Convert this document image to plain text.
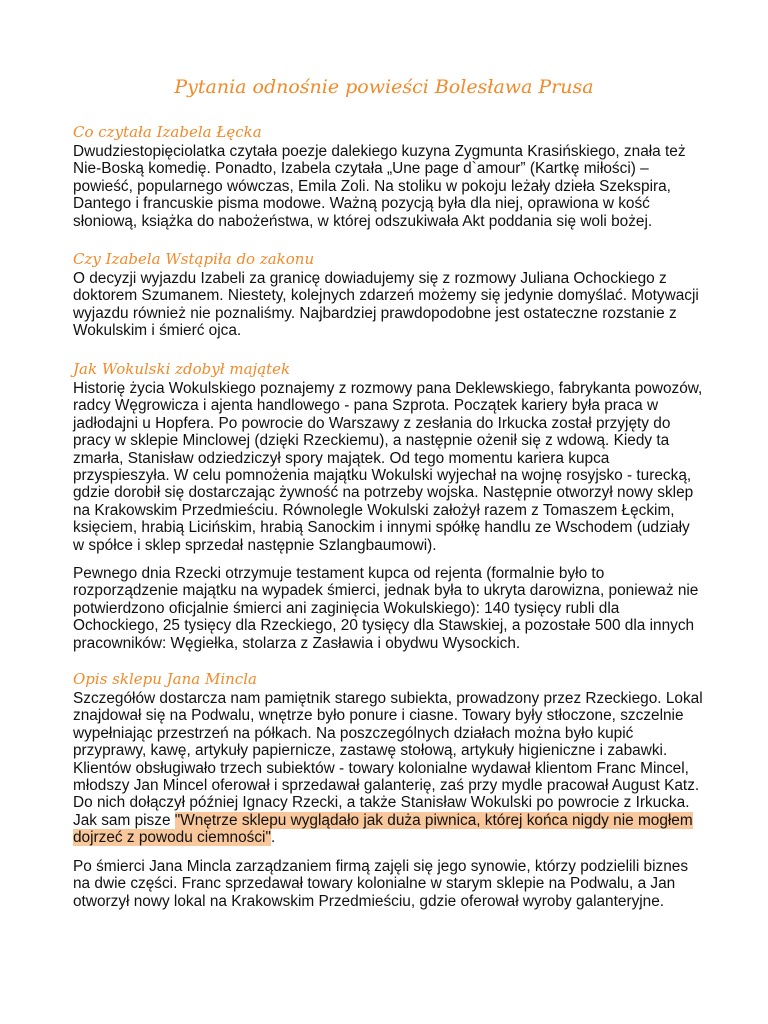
Pytania odnośnie powieści Bolesława Prusa
Co czytała Izabela Łęcka

Dwudziestopięciolatka czytała poezje dalekiego kuzyna Zygmunta Krasińskiego, znała też Nie-Boską komedię. Ponadto, Izabela czytała „Une page d`amour” (Kartkę miłości) – powieść, popularnego wówczas, Emila Zoli. Na stoliku w pokoju leżały dzieła Szekspira, Dantego i francuskie pisma modowe. Ważną pozycją była dla niej, oprawiona w kość słoniową, książka do nabożeństwa, w której odszukiwała Akt poddania się woli bożej.

Czy Izabela Wstąpiła do zakonu

O decyzji wyjazdu Izabeli za granicę dowiadujemy się z rozmowy Juliana Ochockiego z doktorem Szumanem. Niestety, kolejnych zdarzeń możemy się jedynie domyślać. Motywacji wyjazdu również nie poznaliśmy. Najbardziej prawdopodobne jest ostateczne rozstanie z Wokulskim i śmierć ojca.

Jak Wokulski zdobył majątek

Historię życia Wokulskiego poznajemy z rozmowy pana Deklewskiego, fabrykanta powozów, radcy Węgrowicza i ajenta handlowego - pana Szprota. Początek kariery była praca w jadłodajni u Hopfera. Po powrocie do Warszawy z zesłania do Irkucka został przyjęty do pracy w sklepie Minclowej (dzięki Rzeckiemu), a następnie ożenił się z wdową. Kiedy ta zmarła, Stanisław odziedziczył spory majątek. Od tego momentu kariera kupca przyspieszyła. W celu pomnożenia majątku Wokulski wyjechał na wojnę rosyjsko - turecką, gdzie dorobił się dostarczając żywność na potrzeby wojska. Następnie otworzył nowy sklep na Krakowskim Przedmieściu. Równolegle Wokulski założył razem z Tomaszem Łęckim, księciem, hrabią Licińskim, hrabią Sanockim i innymi spółkę handlu ze Wschodem (udziały w spółce i sklep sprzedał następnie Szlangbaumowi).

Pewnego dnia Rzecki otrzymuje testament kupca od rejenta (formalnie było to rozporządzenie majątku na wypadek śmierci, jednak była to ukryta darowizna, ponieważ nie potwierdzono oficjalnie śmierci ani zaginięcia Wokulskiego): 140 tysięcy rubli dla Ochockiego, 25 tysięcy dla Rzeckiego, 20 tysięcy dla Stawskiej, a pozostałe 500 dla innych pracowników: Węgiełka, stolarza z Zasławia i obydwu Wysockich.

Opis sklepu Jana Mincla

Szczegółów dostarcza nam pamiętnik starego subiekta, prowadzony przez Rzeckiego. Lokal znajdował się na Podwalu, wnętrze było ponure i ciasne. Towary były stłoczone, szczelnie wypełniając przestrzeń na półkach. Na poszczególnych działach można było kupić przyprawy, kawę, artykuły papiernicze, zastawę stołową, artykuły higieniczne i zabawki. Klientów obsługiwało trzech subiektów - towary kolonialne wydawał klientom Franc Mincel, młodszy Jan Mincel oferował i sprzedawał galanterię, zaś przy mydle pracował August Katz. Do nich dołączył później Ignacy Rzecki, a także Stanisław Wokulski po powrocie z Irkucka. Jak sam pisze "Wnętrze sklepu wyglądało jak duża piwnica, której końca nigdy nie mogłem dojrzeć z powodu ciemności".

Po śmierci Jana Mincla zarządzaniem firmą zajęli się jego synowie, którzy podzielili biznes na dwie części. Franc sprzedawał towary kolonialne w starym sklepie na Podwalu, a Jan otworzył nowy lokal na Krakowskim Przedmieściu, gdzie oferował wyroby galanteryjne.
